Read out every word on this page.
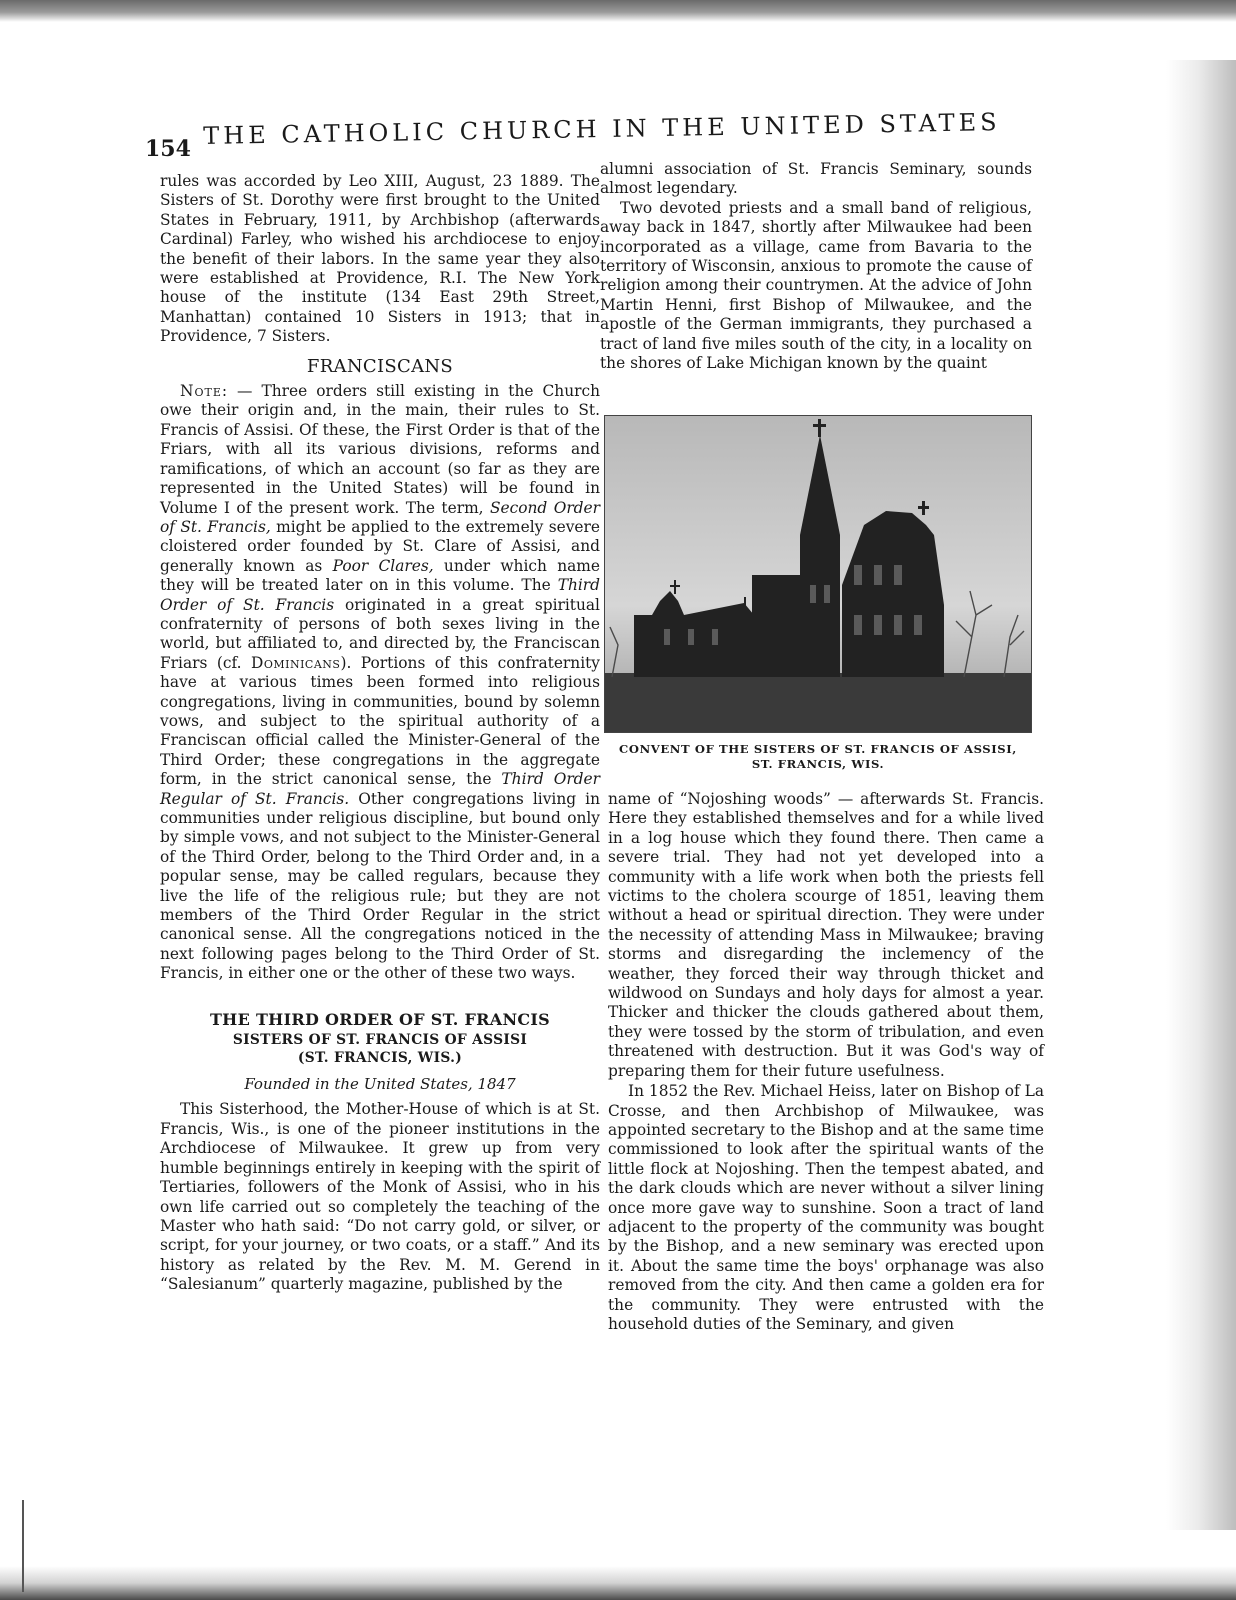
154 THE CATHOLIC CHURCH IN THE UNITED STATES

rules was accorded by Leo XIII, August, 23 1889. The Sisters of St. Dorothy were first brought to the United States in February, 1911, by Archbishop (afterwards Cardinal) Farley, who wished his archdiocese to enjoy the benefit of their labors. In the same year they also were established at Providence, R.I. The New York house of the institute (134 East 29th Street, Manhattan) contained 10 Sisters in 1913; that in Providence, 7 Sisters.

FRANCISCANS

Note: — Three orders still existing in the Church owe their origin and, in the main, their rules to St. Francis of Assisi. Of these, the First Order is that of the Friars, with all its various divisions, reforms and ramifications, of which an account (so far as they are represented in the United States) will be found in Volume I of the present work. The term, Second Order of St. Francis, might be applied to the extremely severe cloistered order founded by St. Clare of Assisi, and generally known as Poor Clares, under which name they will be treated later on in this volume. The Third Order of St. Francis originated in a great spiritual confraternity of persons of both sexes living in the world, but affiliated to, and directed by, the Franciscan Friars (cf. Dominicans). Portions of this confraternity have at various times been formed into religious congregations, living in communities, bound by solemn vows, and subject to the spiritual authority of a Franciscan official called the Minister-General of the Third Order; these congregations in the aggregate form, in the strict canonical sense, the Third Order Regular of St. Francis. Other congregations living in communities under religious discipline, but bound only by simple vows, and not subject to the Minister-General of the Third Order, belong to the Third Order and, in a popular sense, may be called regulars, because they live the life of the religious rule; but they are not members of the Third Order Regular in the strict canonical sense. All the congregations noticed in the next following pages belong to the Third Order of St. Francis, in either one or the other of these two ways.

THE THIRD ORDER OF ST. FRANCIS
SISTERS OF ST. FRANCIS OF ASSISI
(ST. FRANCIS, WIS.)
Founded in the United States, 1847

This Sisterhood, the Mother-House of which is at St. Francis, Wis., is one of the pioneer institutions in the Archdiocese of Milwaukee. It grew up from very humble beginnings entirely in keeping with the spirit of Tertiaries, followers of the Monk of Assisi, who in his own life carried out so completely the teaching of the Master who hath said: “Do not carry gold, or silver, or script, for your journey, or two coats, or a staff.” And its history as related by the Rev. M. M. Gerend in “Salesianum” quarterly magazine, published by the

alumni association of St. Francis Seminary, sounds almost legendary.

Two devoted priests and a small band of religious, away back in 1847, shortly after Milwaukee had been incorporated as a village, came from Bavaria to the territory of Wisconsin, anxious to promote the cause of religion among their countrymen. At the advice of John Martin Henni, first Bishop of Milwaukee, and the apostle of the German immigrants, they purchased a tract of land five miles south of the city, in a locality on the shores of Lake Michigan known by the quaint

CONVENT OF THE SISTERS OF ST. FRANCIS OF ASSISI,
ST. FRANCIS, WIS.

name of “Nojoshing woods” — afterwards St. Francis. Here they established themselves and for a while lived in a log house which they found there. Then came a severe trial. They had not yet developed into a community with a life work when both the priests fell victims to the cholera scourge of 1851, leaving them without a head or spiritual direction. They were under the necessity of attending Mass in Milwaukee; braving storms and disregarding the inclemency of the weather, they forced their way through thicket and wildwood on Sundays and holy days for almost a year. Thicker and thicker the clouds gathered about them, they were tossed by the storm of tribulation, and even threatened with destruction. But it was God's way of preparing them for their future usefulness.

In 1852 the Rev. Michael Heiss, later on Bishop of La Crosse, and then Archbishop of Milwaukee, was appointed secretary to the Bishop and at the same time commissioned to look after the spiritual wants of the little flock at Nojoshing. Then the tempest abated, and the dark clouds which are never without a silver lining once more gave way to sunshine. Soon a tract of land adjacent to the property of the community was bought by the Bishop, and a new seminary was erected upon it. About the same time the boys' orphanage was also removed from the city. And then came a golden era for the community. They were entrusted with the household duties of the Seminary, and given
